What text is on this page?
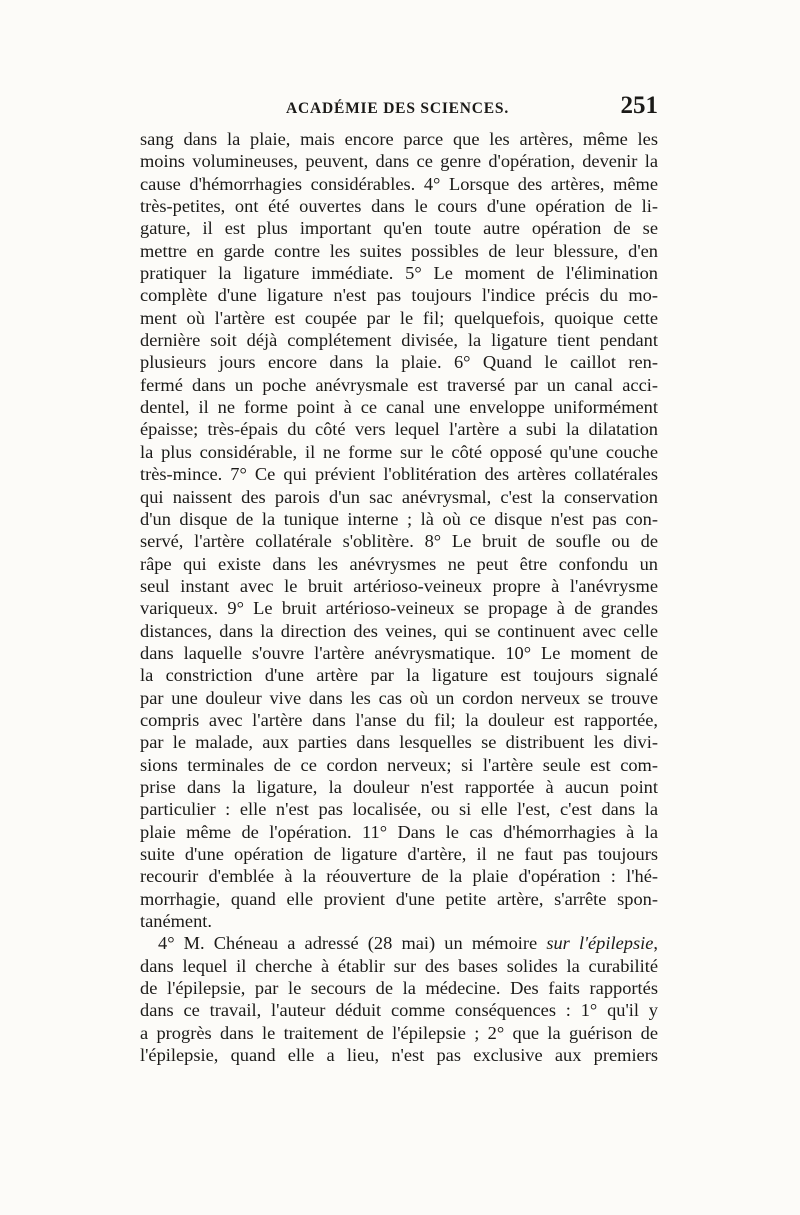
ACADÉMIE DES SCIENCES.	251
sang dans la plaie, mais encore parce que les artères, même les
moins volumineuses, peuvent, dans ce genre d'opération, devenir la
cause d'hémorrhagies considérables. 4° Lorsque des artères, même
très-petites, ont été ouvertes dans le cours d'une opération de li-
gature, il est plus important qu'en toute autre opération de se
mettre en garde contre les suites possibles de leur blessure, d'en
pratiquer la ligature immédiate. 5° Le moment de l'élimination
complète d'une ligature n'est pas toujours l'indice précis du mo-
ment où l'artère est coupée par le fil; quelquefois, quoique cette
dernière soit déjà complétement divisée, la ligature tient pendant
plusieurs jours encore dans la plaie. 6° Quand le caillot ren-
fermé dans un poche anévrysmale est traversé par un canal acci-
dentel, il ne forme point à ce canal une enveloppe uniformément
épaisse; très-épais du côté vers lequel l'artère a subi la dilatation
la plus considérable, il ne forme sur le côté opposé qu'une couche
très-mince. 7° Ce qui prévient l'oblitération des artères collatérales
qui naissent des parois d'un sac anévrysmal, c'est la conservation
d'un disque de la tunique interne ; là où ce disque n'est pas con-
servé, l'artère collatérale s'oblitère. 8° Le bruit de soufle ou de
râpe qui existe dans les anévrysmes ne peut être confondu un
seul instant avec le bruit artérioso-veineux propre à l'anévrysme
variqueux. 9° Le bruit artérioso-veineux se propage à de grandes
distances, dans la direction des veines, qui se continuent avec celle
dans laquelle s'ouvre l'artère anévrysmatique. 10° Le moment de
la constriction d'une artère par la ligature est toujours signalé
par une douleur vive dans les cas où un cordon nerveux se trouve
compris avec l'artère dans l'anse du fil; la douleur est rapportée,
par le malade, aux parties dans lesquelles se distribuent les divi-
sions terminales de ce cordon nerveux; si l'artère seule est com-
prise dans la ligature, la douleur n'est rapportée à aucun point
particulier : elle n'est pas localisée, ou si elle l'est, c'est dans la
plaie même de l'opération. 11° Dans le cas d'hémorrhagies à la
suite d'une opération de ligature d'artère, il ne faut pas toujours
recourir d'emblée à la réouverture de la plaie d'opération : l'hé-
morrhagie, quand elle provient d'une petite artère, s'arrête spon-
tanément.
4° M. Chéneau a adressé (28 mai) un mémoire sur l'épilepsie,
dans lequel il cherche à établir sur des bases solides la curabilité
de l'épilepsie, par le secours de la médecine. Des faits rapportés
dans ce travail, l'auteur déduit comme conséquences : 1° qu'il y
a progrès dans le traitement de l'épilepsie ; 2° que la guérison de
l'épilepsie, quand elle a lieu, n'est pas exclusive aux premiers
